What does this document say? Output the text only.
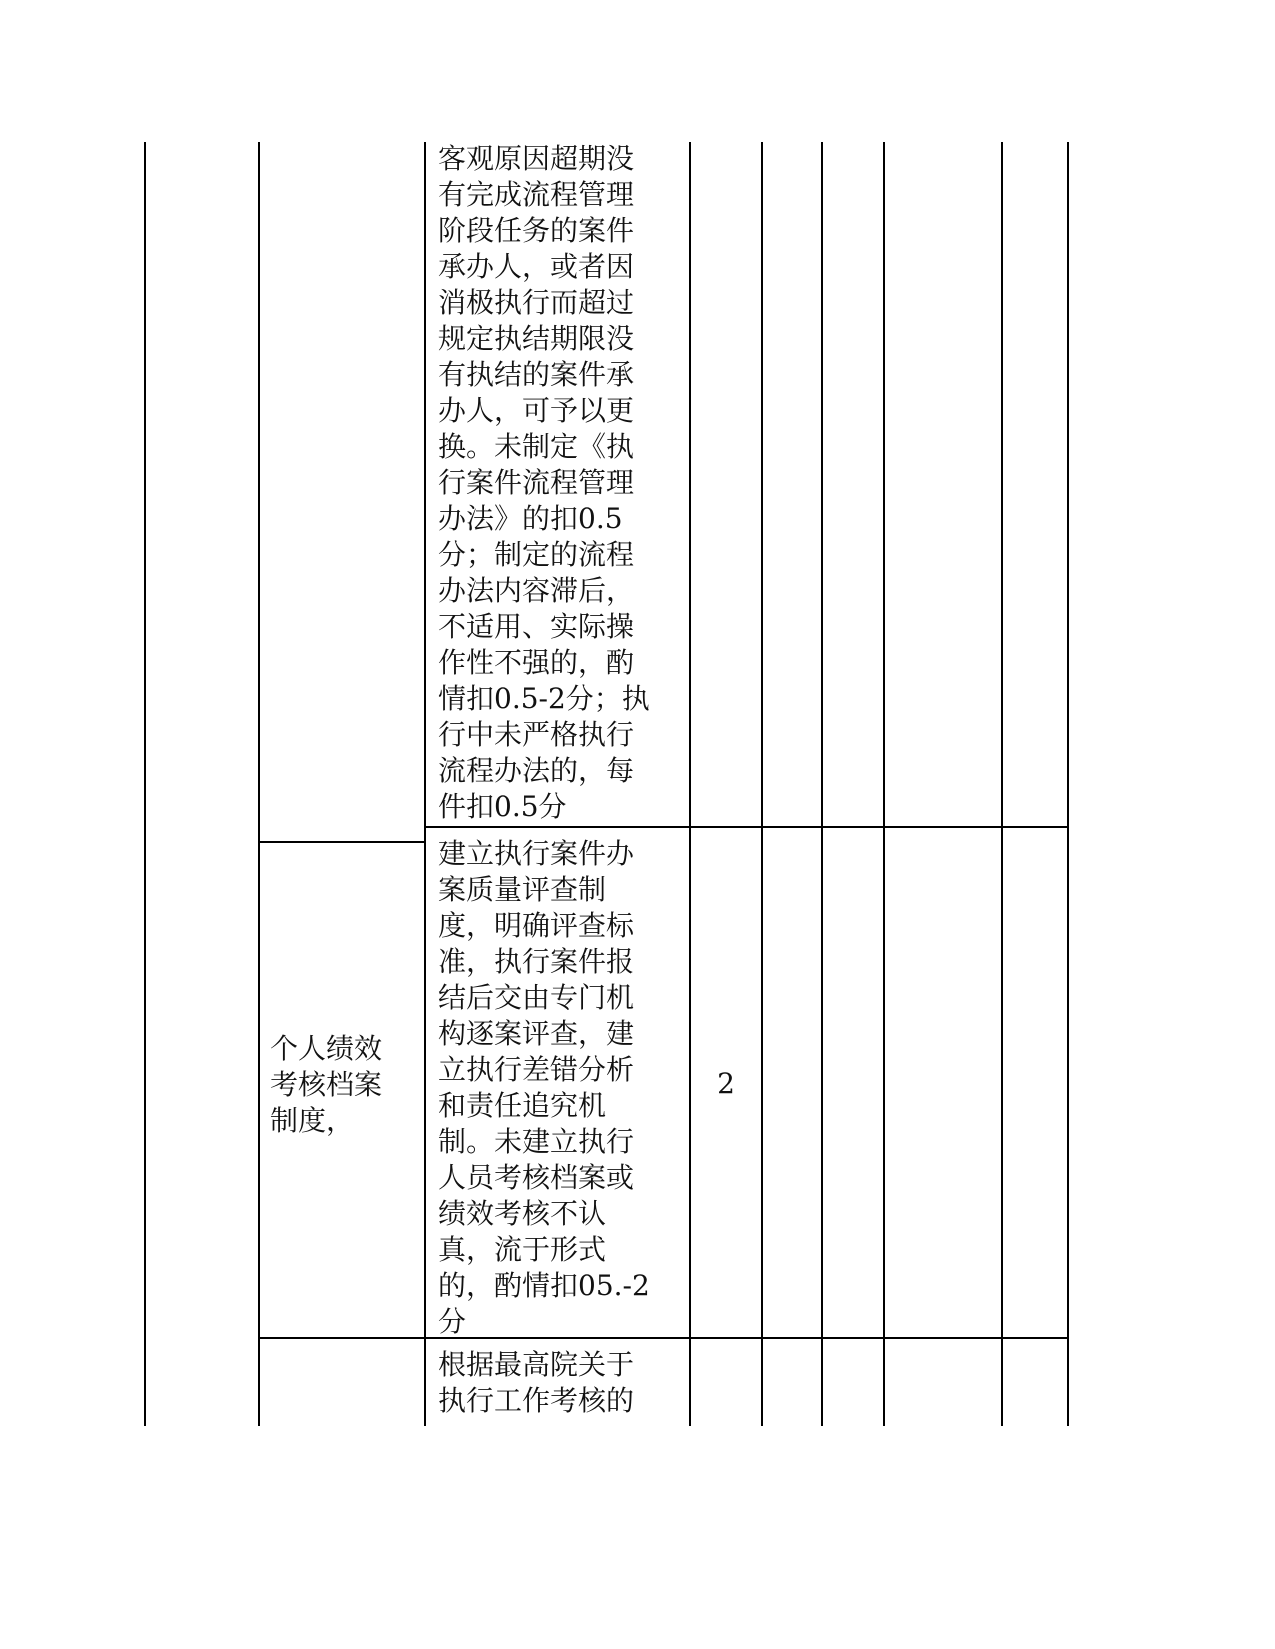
客观原因超期没
有完成流程管理
阶段任务的案件
承办人，或者因
消极执行而超过
规定执结期限没
有执结的案件承
办人，可予以更
换。未制定《执
行案件流程管理
办法》的扣0.5
分；制定的流程
办法内容滞后，
不适用、实际操
作性不强的，酌
情扣0.5-2分；执
行中未严格执行
流程办法的，每
件扣0.5分
个人绩效
考核档案
制度，
建立执行案件办
案质量评查制
度，明确评查标
准，执行案件报
结后交由专门机
构逐案评查，建
立执行差错分析
和责任追究机
制。未建立执行
人员考核档案或
绩效考核不认
真，流于形式
的，酌情扣05.-2
分
2
根据最高院关于
执行工作考核的
